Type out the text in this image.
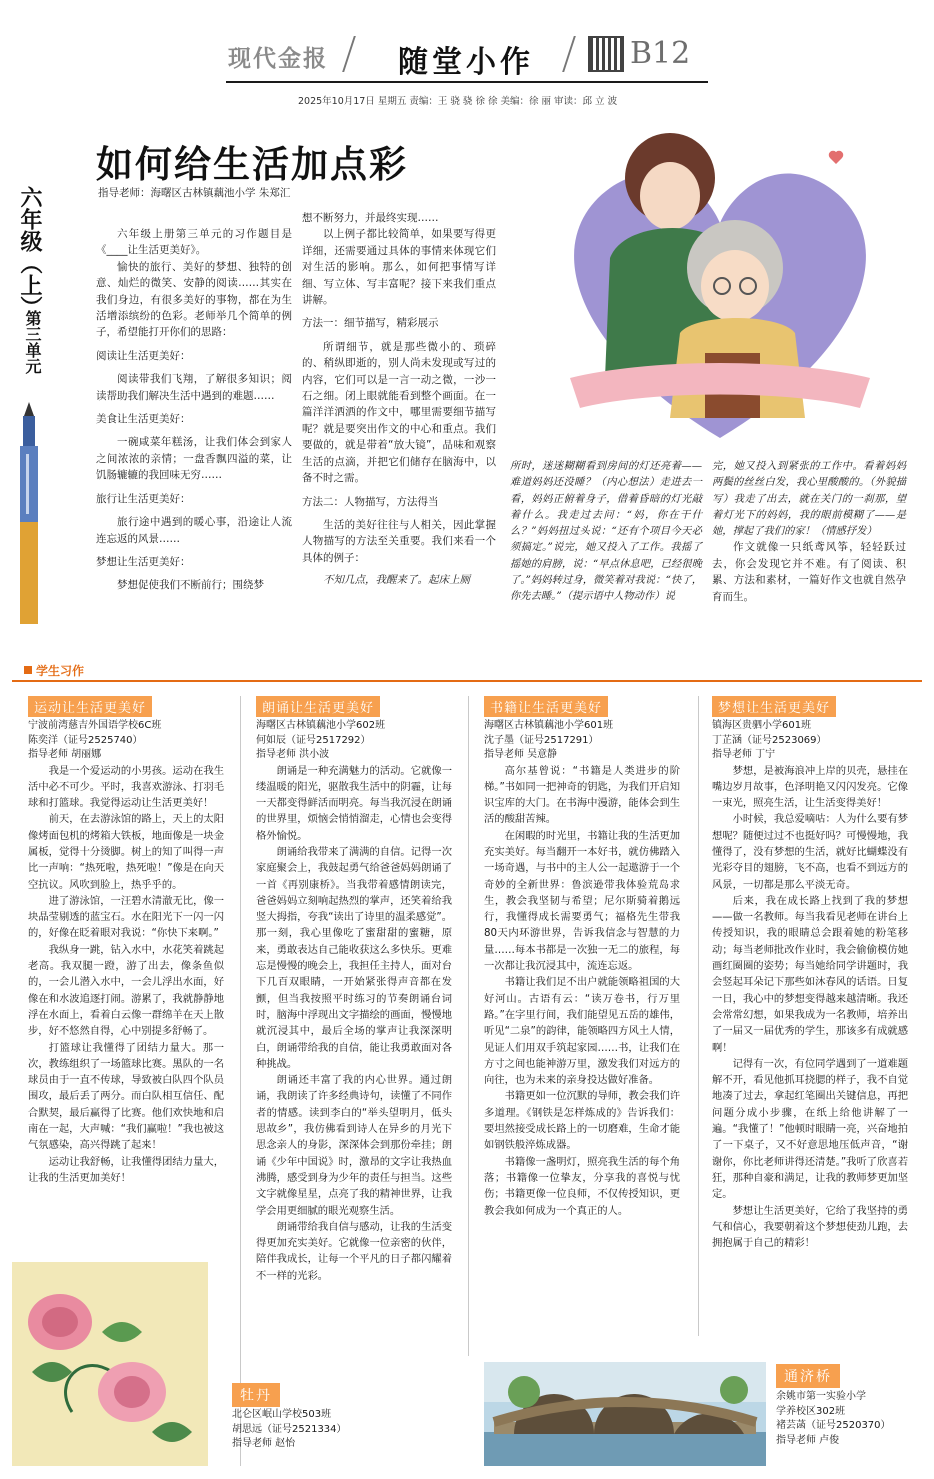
现代金报 随堂小作	B12
2025年10月17日 星期五 责编：王 骁 骁 徐 徐 美编：徐 丽 审读：邱 立 波
六年级（上）
第三单元
如何给生活加点彩
指导老师：海曙区古林镇藕池小学 朱郑汇

六年级上册第三单元的习作题目是《____让生活更美好》。

愉快的旅行、美好的梦想、独特的创意、灿烂的微笑、安静的阅读……其实在我们身边，有很多美好的事物，都在为生活增添缤纷的色彩。老师举几个简单的例子，希望能打开你们的思路：

阅读让生活更美好：

阅读带我们飞翔，了解很多知识；阅读帮助我们解决生活中遇到的难题……

美食让生活更美好：

一碗咸菜年糕汤，让我们体会到家人之间浓浓的亲情；一盘香飘四溢的菜，让饥肠辘辘的我回味无穷……

旅行让生活更美好：

旅行途中遇到的暖心事，沿途让人流连忘返的风景……

梦想让生活更美好：

梦想促使我们不断前行；围绕梦

想不断努力，并最终实现……

以上例子都比较简单，如果要写得更详细，还需要通过具体的事情来体现它们对生活的影响。那么，如何把事情写详细、写立体、写丰富呢？接下来我们重点讲解。

方法一：细节描写，精彩展示

所谓细节，就是那些微小的、琐碎的、稍纵即逝的，别人尚未发现或写过的内容，它们可以是一言一动之微，一沙一石之细。闭上眼就能看到整个画面。在一篇洋洋洒洒的作文中，哪里需要细节描写呢？就是要突出作文的中心和重点。我们要做的，就是带着“放大镜”，品味和观察生活的点滴，并把它们储存在脑海中，以备不时之需。

方法二：人物描写，方法得当

生活的美好往往与人相关，因此掌握人物描写的方法至关重要。我们来看一个具体的例子：

不知几点，我醒来了。起床上厕

所时，迷迷糊糊看到房间的灯还亮着——难道妈妈还没睡？（内心想法）走进去一看，妈妈正俯着身子，借着昏暗的灯光敲着什么。我走过去问：“妈，你在干什么？”妈妈扭过头说：“还有个项目今天必须搞定。”说完，她又投入了工作。我摇了摇她的肩膀，说：“早点休息吧，已经很晚了。”妈妈转过身，微笑着对我说：“快了，你先去睡。”（提示语中人物动作）说
完，她又投入到紧张的工作中。看着妈妈两鬓的丝丝白发，我心里酸酸的。（外貌描写）我走了出去，就在关门的一刹那，望着灯光下的妈妈，我的眼前模糊了——是她，撑起了我们的家！（情感抒发）
作文就像一只纸鸢风筝，轻轻跃过去，你会发现它并不难。有了阅读、积累、方法和素材，一篇好作文也就自然孕育而生。
学生习作
运动让生活更美好
宁波前湾慈吉外国语学校6C班
陈奕洋（证号2525740）
指导老师 胡丽娜

我是一个爱运动的小男孩。运动在我生活中必不可少。平时，我喜欢游泳、打羽毛球和打篮球。我觉得运动让生活更美好！

前天，在去游泳馆的路上，天上的太阳像烤面包机的烤箱大铁板，地面像是一块金属板，觉得十分烫脚。树上的知了叫得一声比一声响：“热死啦，热死啦！”像是在向天空抗议。风吹到脸上，热乎乎的。

进了游泳馆，一汪碧水清澈无比，像一块晶莹剔透的蓝宝石。水在阳光下一闪一闪的，好像在眨着眼对我说：“你快下来啊。”

我纵身一跳，钻入水中，水花笑着跳起老高。我双腿一蹬，游了出去，像条鱼似的，一会儿潜入水中，一会儿浮出水面，好像在和水波追逐打闹。游累了，我就静静地浮在水面上，看着白云像一群绵羊在天上散步，好不悠然自得，心中别提多舒畅了。

打篮球让我懂得了团结力量大。那一次，教练组织了一场篮球比赛。黑队的一名球员由于一直不传球，导致被白队四个队员围攻，最后丢了两分。而白队相互信任、配合默契，最后赢得了比赛。他们欢快地和启南在一起，大声喊：“我们赢啦！”我也被这气氛感染，高兴得跳了起来！

运动让我舒畅，让我懂得团结力量大，让我的生活更加美好！

朗诵让生活更美好
海曙区古林镇藕池小学602班
何如辰（证号2517292）
指导老师 洪小波

朗诵是一种充满魅力的活动。它就像一缕温暖的阳光，驱散我生活中的阴霾，让每一天都变得鲜活而明亮。每当我沉浸在朗诵的世界里，烦恼会悄悄溜走，心情也会变得格外愉悦。

朗诵给我带来了满满的自信。记得一次家庭聚会上，我鼓起勇气给爸爸妈妈朗诵了一首《再别康桥》。当我带着感情朗读完，爸爸妈妈立刻响起热烈的掌声，还笑着给我竖大拇指，夸我“读出了诗里的温柔感觉”。那一刻，我心里像吃了蜜甜甜的蜜糖，原来，勇敢表达自己能收获这么多快乐。更难忘是慢慢的晚会上，我担任主持人，面对台下几百双眼睛，一开始紧张得声音都在发颤，但当我按照平时练习的节奏朗诵台词时，脑海中浮现出文字描绘的画面，慢慢地就沉浸其中，最后全场的掌声让我深深明白，朗诵带给我的自信，能让我勇敢面对各种挑战。

朗诵还丰富了我的内心世界。通过朗诵，我朗读了许多经典诗句，读懂了不同作者的情感。读到李白的“举头望明月，低头思故乡”，我仿佛看到诗人在异乡的月光下思念亲人的身影，深深体会到那份牵挂；朗诵《少年中国说》时，激昂的文字让我热血沸腾，感受到身为少年的责任与担当。这些文字就像星星，点亮了我的精神世界，让我学会用更细腻的眼光观察生活。

朗诵带给我自信与感动，让我的生活变得更加充实美好。它就像一位亲密的伙伴，陪伴我成长，让每一个平凡的日子都闪耀着不一样的光彩。

书籍让生活更美好
海曙区古林镇藕池小学601班
沈子墨（证号2517291）
指导老师 吴意静

高尔基曾说：“书籍是人类进步的阶梯。”书如同一把神奇的钥匙，为我们开启知识宝库的大门。在书海中漫游，能体会到生活的酸甜苦辣。

在闲暇的时光里，书籍让我的生活更加充实美好。每当翻开一本好书，就仿佛踏入一场奇遇，与书中的主人公一起遨游于一个奇妙的全新世界：鲁滨逊带我体验荒岛求生，教会我坚韧与希望；尼尔斯骑着鹅远行，我懂得成长需要勇气；福格先生带我80天内环游世界，告诉我信念与智慧的力量……每本书都是一次独一无二的旅程，每一次都让我沉浸其中，流连忘返。

书籍让我们足不出户就能领略祖国的大好河山。古语有云：“读万卷书，行万里路。”在字里行间，我们能望见五岳的雄伟，听见“二泉”的韵律，能领略四方风土人情，见证人们用双手筑起家园……书，让我们在方寸之间也能神游万里，激发我们对远方的向往，也为未来的亲身投达做好准备。

书籍更如一位沉默的导师，教会我们许多道理。《钢铁是怎样炼成的》告诉我们：要坦然接受成长路上的一切磨难，生命才能如钢铁般淬炼成器。

书籍像一盏明灯，照亮我生活的每个角落；书籍像一位挚友，分享我的喜悦与忧伤；书籍更像一位良师，不仅传授知识，更教会我如何成为一个真正的人。

梦想让生活更美好
镇海区贵驷小学601班
丁芷涵（证号2523069）
指导老师 丁宁

梦想，是被海浪冲上岸的贝壳，悬挂在嘴边岁月故事，色泽明艳又闪闪发亮。它像一束光，照亮生活，让生活变得美好！

小时候，我总爱嘀咕：人为什么要有梦想呢？随便过过不也挺好吗？可慢慢地，我懂得了，没有梦想的生活，就好比蝴蝶没有光彩夺目的翅膀，飞不高，也看不到远方的风景，一切都是那么平淡无奇。

后来，我在成长路上找到了我的梦想——做一名教师。每当我看见老师在讲台上传授知识，我的眼睛总会跟着她的粉笔移动；每当老师批改作业时，我会偷偷模仿她画红圈圈的姿势；每当她给同学讲题时，我会竖起耳朵记下那些如沐春风的话语。日复一日，我心中的梦想变得越来越清晰。我还会常常幻想，如果我成为一名教师，培养出了一届又一届优秀的学生，那该多有成就感啊！

记得有一次，有位同学遇到了一道难题解不开，看见他抓耳挠腮的样子，我不自觉地凑了过去，拿起红笔圈出关键信息，再把问题分成小步骤，在纸上给他讲解了一遍。“我懂了！”他顿时眼睛一亮，兴奋地拍了一下桌子，又不好意思地压低声音，“谢谢你，你比老师讲得还清楚。”我听了欣喜若狂，那种自豪和满足，让我的教师梦更加坚定。

梦想让生活更美好，它给了我坚持的勇气和信心，我要朝着这个梦想使劲儿跑，去拥抱属于自己的精彩！

牡丹
北仑区岷山学校503班
胡思远（证号2521334）
指导老师 赵怡
通济桥
余姚市第一实验小学
学养校区302班
褚芸菡（证号2520370）
指导老师 卢俊
